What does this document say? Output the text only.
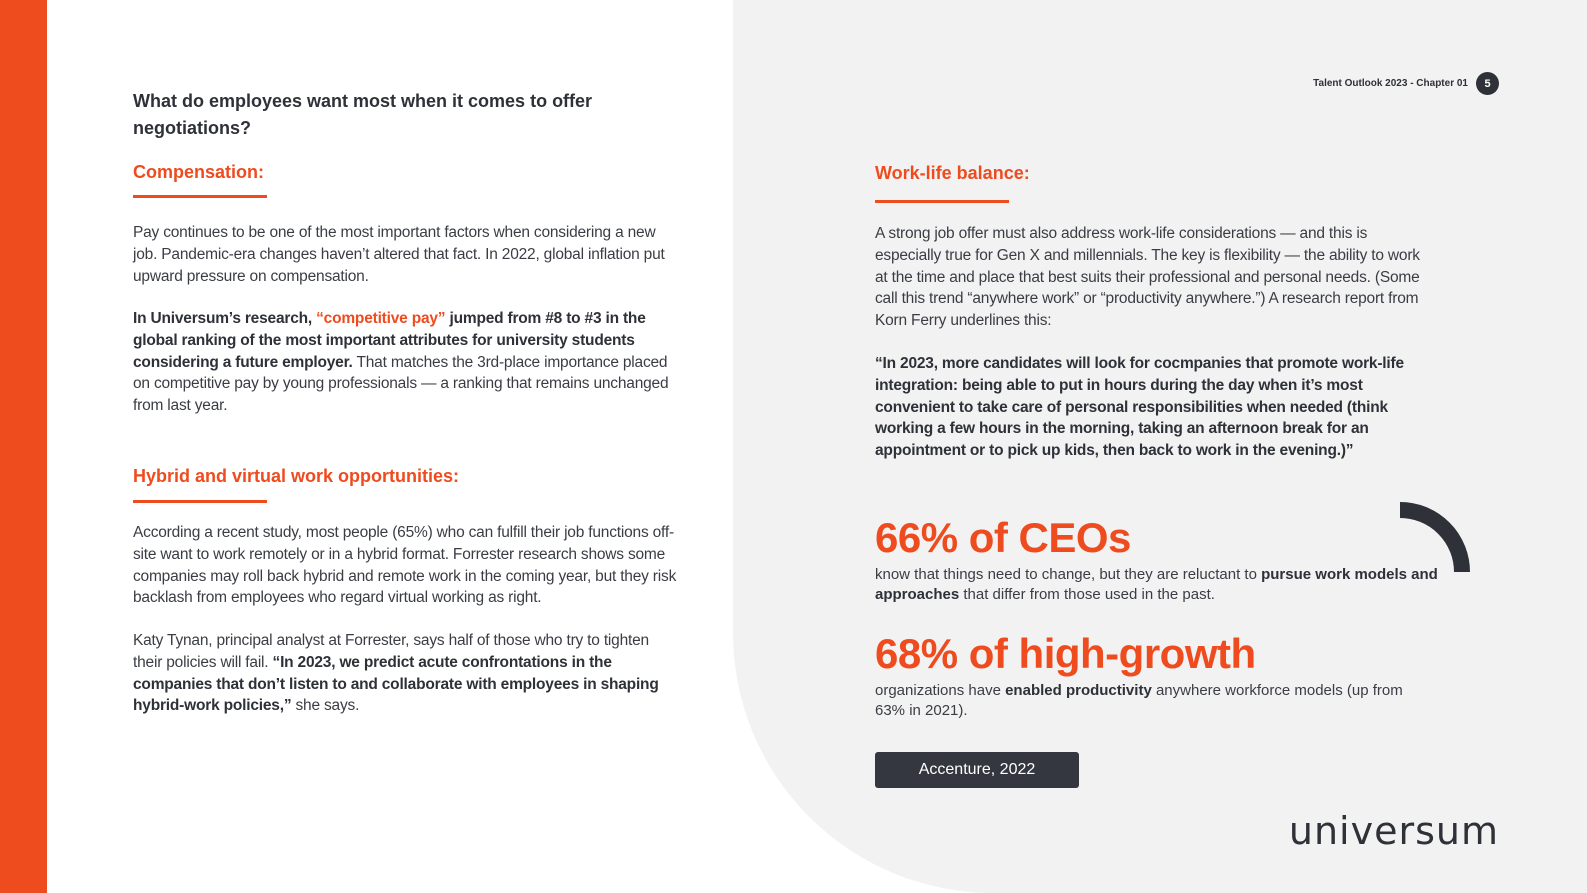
Talent Outlook 2023 - Chapter 01	5
What do employees want most when it comes to offer negotiations?
Compensation:

Pay continues to be one of the most important factors when considering a new job. Pandemic-era changes haven’t altered that fact. In 2022, global inflation put upward pressure on compensation.

In Universum’s research, “competitive pay” jumped from #8 to #3 in the global ranking of the most important attributes for university students considering a future employer. That matches the 3rd-place importance placed on competitive pay by young professionals — a ranking that remains unchanged from last year.

Hybrid and virtual work opportunities:

According a recent study, most people (65%) who can fulfill their job functions off-site want to work remotely or in a hybrid format. Forrester research shows some companies may roll back hybrid and remote work in the coming year, but they risk backlash from employees who regard virtual working as right.

Katy Tynan, principal analyst at Forrester, says half of those who try to tighten their policies will fail. “In 2023, we predict acute confrontations in the companies that don’t listen to and collaborate with employees in shaping hybrid-work policies,” she says.

Work-life balance:

A strong job offer must also address work-life considerations — and this is especially true for Gen X and millennials. The key is flexibility — the ability to work at the time and place that best suits their professional and personal needs. (Some call this trend “anywhere work” or “productivity anywhere.”) A research report from Korn Ferry underlines this:

“In 2023, more candidates will look for cocmpanies that promote work-life integration: being able to put in hours during the day when it’s most convenient to take care of personal responsibilities when needed (think working a few hours in the morning, taking an afternoon break for an appointment or to pick up kids, then back to work in the evening.)”

66% of CEOs

know that things need to change, but they are reluctant to pursue work models and approaches that differ from those used in the past.

68% of high-growth

organizations have enabled productivity anywhere workforce models (up from 63% in 2021).

Accenture, 2022
universum
